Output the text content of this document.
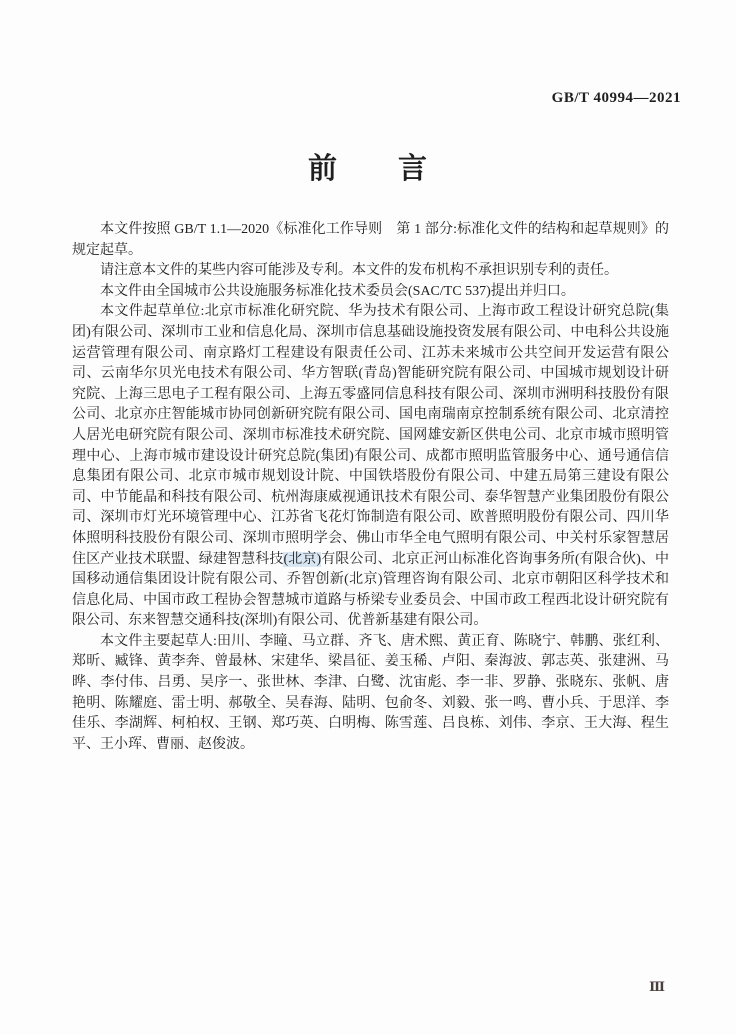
GB/T 40994—2021
前　　言

本文件按照 GB/T 1.1—2020《标准化工作导则　第 1 部分:标准化文件的结构和起草规则》的规定起草。

请注意本文件的某些内容可能涉及专利。本文件的发布机构不承担识别专利的责任。

本文件由全国城市公共设施服务标准化技术委员会(SAC/TC 537)提出并归口。

本文件起草单位:北京市标准化研究院、华为技术有限公司、上海市政工程设计研究总院(集团)有限公司、深圳市工业和信息化局、深圳市信息基础设施投资发展有限公司、中电科公共设施运营管理有限公司、南京路灯工程建设有限责任公司、江苏未来城市公共空间开发运营有限公司、云南华尔贝光电技术有限公司、华方智联(青岛)智能研究院有限公司、中国城市规划设计研究院、上海三思电子工程有限公司、上海五零盛同信息科技有限公司、深圳市洲明科技股份有限公司、北京亦庄智能城市协同创新研究院有限公司、国电南瑞南京控制系统有限公司、北京清控人居光电研究院有限公司、深圳市标准技术研究院、国网雄安新区供电公司、北京市城市照明管理中心、上海市城市建设设计研究总院(集团)有限公司、成都市照明监管服务中心、通号通信信息集团有限公司、北京市城市规划设计院、中国铁塔股份有限公司、中建五局第三建设有限公司、中节能晶和科技有限公司、杭州海康威视通讯技术有限公司、泰华智慧产业集团股份有限公司、深圳市灯光环境管理中心、江苏省飞花灯饰制造有限公司、欧普照明股份有限公司、四川华体照明科技股份有限公司、深圳市照明学会、佛山市华全电气照明有限公司、中关村乐家智慧居住区产业技术联盟、绿建智慧科技(北京)有限公司、北京正河山标准化咨询事务所(有限合伙)、中国移动通信集团设计院有限公司、乔智创新(北京)管理咨询有限公司、北京市朝阳区科学技术和信息化局、中国市政工程协会智慧城市道路与桥梁专业委员会、中国市政工程西北设计研究院有限公司、东来智慧交通科技(深圳)有限公司、优普新基建有限公司。

本文件主要起草人:田川、李瞳、马立群、齐飞、唐术熙、黄正育、陈晓宁、韩鹏、张红利、郑昕、臧锋、黄李奔、曾最林、宋建华、梁昌征、姜玉稀、卢阳、秦海波、郭志英、张建洲、马晔、李付伟、吕勇、吴序一、张世林、李津、白鹭、沈宙彪、李一非、罗静、张晓东、张帆、唐艳明、陈耀庭、雷士明、郝敬全、吴春海、陆明、包俞冬、刘毅、张一鸣、曹小兵、于思洋、李佳乐、李湖辉、柯柏权、王钢、郑巧英、白明梅、陈雪莲、吕良栋、刘伟、李京、王大海、程生平、王小珲、曹丽、赵俊波。

Ⅲ
